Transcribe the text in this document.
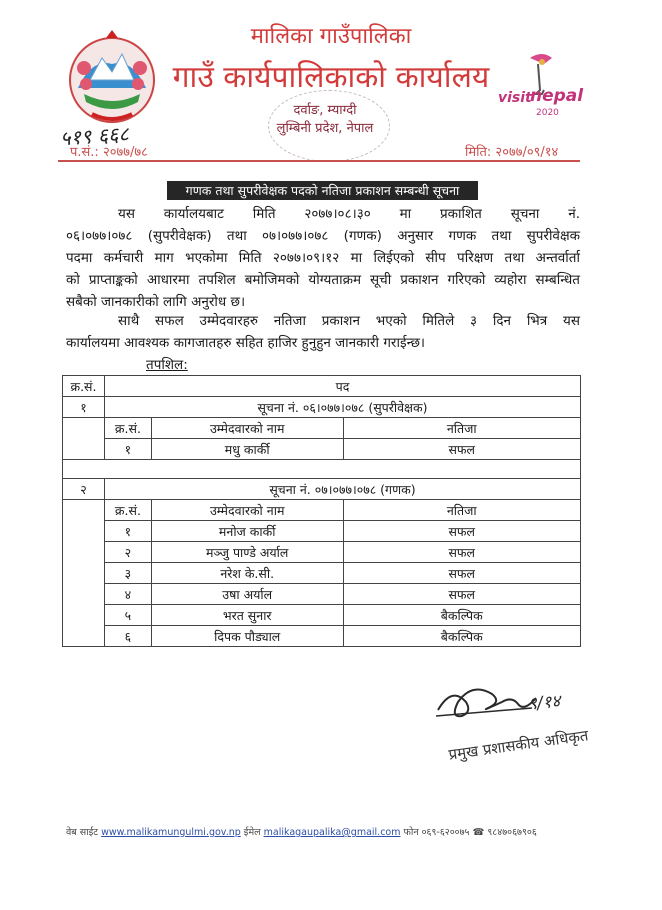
visit
nepal
2020
मालिका गाउँपालिका
गाउँ कार्यपालिकाको कार्यालय
दर्वाङ, म्याग्दी
लुम्बिनी प्रदेश, नेपाल
५१९ ६६८
प.सं.: २०७७/७८	मिति: २०७७/०९/१४
गणक तथा सुपरीवेक्षक पदको नतिजा प्रकाशन सम्बन्धी सूचना
यस कार्यालयबाट मिति २०७७।०८।३० मा प्रकाशित सूचना नं.
०६।०७७।०७८ (सुपरीवेक्षक) तथा ०७।०७७।०७८ (गणक) अनुसार गणक तथा सुपरीवेक्षक
पदमा कर्मचारी माग भएकोमा मिति २०७७।०९।१२ मा लिईएको सीप परिक्षण तथा अन्तर्वार्ता
को प्राप्ताङ्कको आधारमा तपशिल बमोजिमको योग्यताक्रम सूची प्रकाशन गरिएको व्यहोरा सम्बन्धित
सबैको जानकारीको लागि अनुरोध छ।
साथै सफल उम्मेदवारहरु नतिजा प्रकाशन भएको मितिले ३ दिन भित्र यस
कार्यालयमा आवश्यक कागजातहरु सहित हाजिर हुनुहुन जानकारी गराईन्छ।
तपशिल:
क्र.सं.	पद		
१	सूचना नं. ०६।०७७।०७८ (सुपरीवेक्षक)		
	क्र.सं.	उम्मेदवारको नाम	नतिजा
	१	मधु कार्की	सफल

२	सूचना नं. ०७।०७७।०७८ (गणक)		
	क्र.सं.	उम्मेदवारको नाम	नतिजा
	१	मनोज कार्की	सफल
	२	मञ्जु पाण्डे अर्याल	सफल
	३	नरेश के.सी.	सफल
	४	उषा अर्याल	सफल
	५	भरत सुनार	बैकल्पिक
	६	दिपक पौड्याल	बैकल्पिक
९/१४
प्रमुख प्रशासकीय अधिकृत
वेब साईट www.malikamungulmi.gov.np ईमेल malikagaupalika@gmail.com फोन ०६९-६२००७५ ☎ ९८४७०६७९०६
